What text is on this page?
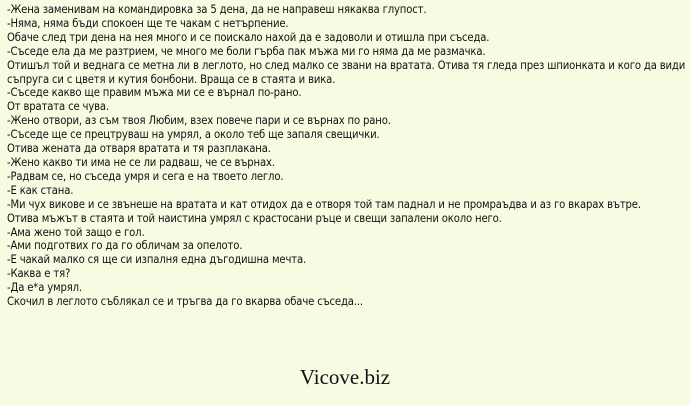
-Жена заменивам на командировка за 5 дена, да не направеш някаква глупост.
-Няма, няма бъди спокоен ще те чакам с нетърпение.
Обаче след три дена на нея много и се поискало нахой да е задоволи и отишла при съседа.
-Съседе ела да ме разтрием, че много ме боли гърба пак мъжа ми го няма да ме размачка.
Отишъл той и веднага се метна ли в леглото, но след малко се звани на вратата. Отива тя гледа през шпионката и кого да види съпруга си с цветя и кутия бонбони. Враща се в стаята и вика.
-Съседе какво ще правим мъжа ми се е върнал по-рано.
От вратата се чува.
-Жено отвори, аз съм твоя Любим, взех повече пари и се върнах по рано.
-Съседе ще се прецтрувaш на умрял, а около теб ще запаля свещички.
Отива жената да отваря вратата и тя разплакана.
-Жено какво ти има не се ли радваш, че се върнах.
-Радвам се, но съседа умря и сега е на твоето легло.
-Е как стана.
-Ми чух викове и се звънеше на вратата и кат отидох да е отворя той там паднал и не промраъдва и аз го вкарах вътре.
Отива мъжът в стаята и той наистина умрял с крастосани ръце и свещи запалени около него.
-Ама жено той защо е гол.
-Ами подготвих го да го обличам за опелото.
-Е чакай малко ся ще си изпалня една дъгодишна мечта.
-Каква е тя?
-Да е*а умрял.
Скочил в леглото съблякал се и тръгва да го вкарва обаче съседа...
Vicove.biz
